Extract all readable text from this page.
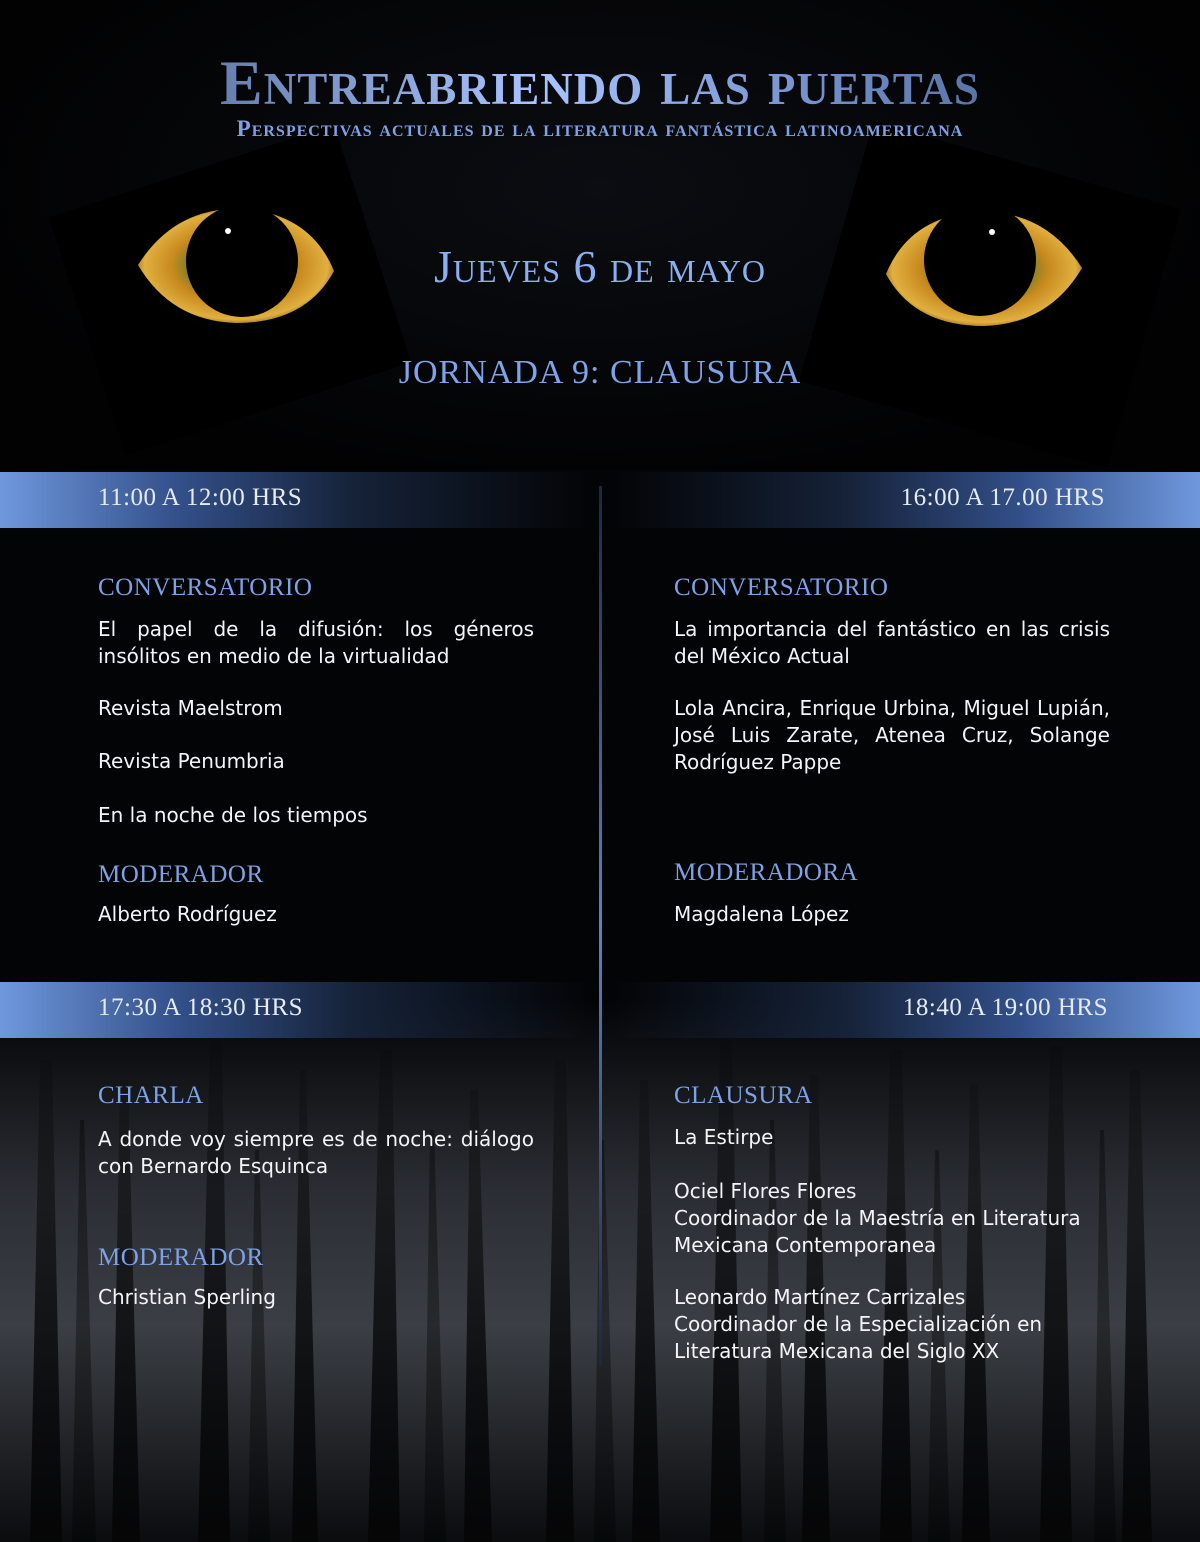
Entreabriendo las puertas
Perspectivas actuales de la literatura fantástica latinoamericana
Jueves 6 de mayo
JORNADA 9: CLAUSURA
11:00 A 12:00 HRS	16:00 A 17.00 HRS
17:30 A 18:30 HRS	18:40 A 19:00 HRS
CONVERSATORIO

El papel de la difusión: los géneros insólitos en medio de la virtualidad

Revista Maelstrom

Revista Penumbria

En la noche de los tiempos

MODERADOR

Alberto Rodríguez

CONVERSATORIO

La importancia del fantástico en las crisis del México Actual

Lola Ancira, Enrique Urbina, Miguel Lupián, José Luis Zarate, Atenea Cruz, Solange Rodríguez Pappe

MODERADORA

Magdalena López

CHARLA

A donde voy siempre es de noche: diálogo con Bernardo Esquinca

MODERADOR

Christian Sperling

CLAUSURA

La Estirpe

Ociel Flores Flores

Coordinador de la Maestría en Literatura Mexicana Contemporanea

Leonardo Martínez Carrizales

Coordinador de la Especialización en Literatura Mexicana del Siglo XX
